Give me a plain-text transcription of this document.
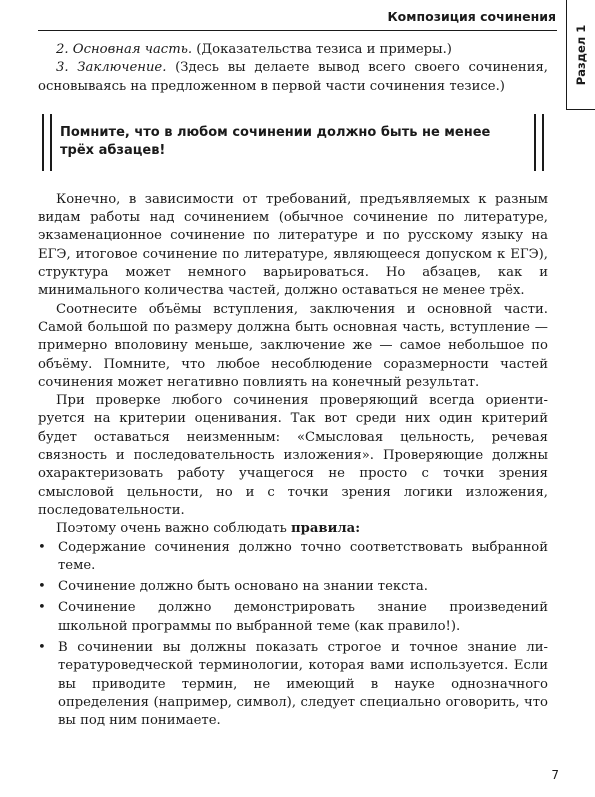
Композиция сочинения
Раздел 1

2. Основная часть. (Доказательства тезиса и примеры.)

3. Заключение. (Здесь вы делаете вывод всего своего сочинения, основываясь на предложенном в первой части сочинения тезисе.)

Помните, что в любом сочинении должно быть не менее трёх абзацев!

Конечно, в зависимости от требований, предъявляемых к разным видам работы над сочинением (обычное сочинение по литературе, экзаменационное сочинение по литературе и по русскому языку на ЕГЭ, итоговое сочинение по литературе, являющееся допуском к ЕГЭ), структура может немного варьироваться. Но абзацев, как и минимального количества частей, должно оставаться не менее трёх.

Соотнесите объёмы вступления, заключения и основной части. Самой большой по размеру должна быть основная часть, вступление — примерно вполовину меньше, заключение же — самое небольшое по объёму. Помните, что любое несоблюдение соразмерности частей сочинения может негативно повлиять на конечный результат.

При проверке любого сочинения проверяющий всегда ориентируется на критерии оценивания. Так вот среди них один критерий будет оставаться неизменным: «Смысловая цельность, речевая связность и последовательность изложения». Проверяющие должны охарактеризовать работу учащегося не просто с точки зрения смысловой цельности, но и с точки зрения логики изложения, последовательности.

Поэтому очень важно соблюдать правила:

• Содержание сочинения должно точно соответствовать выбранной теме.
• Сочинение должно быть основано на знании текста.
• Сочинение должно демонстрировать знание произведений школьной программы по выбранной теме (как правило!).
• В сочинении вы должны показать строгое и точное знание литературоведческой терминологии, которая вами используется. Если вы приводите термин, не имеющий в науке однозначного определения (например, символ), следует специально оговорить, что вы под ним понимаете.
7
